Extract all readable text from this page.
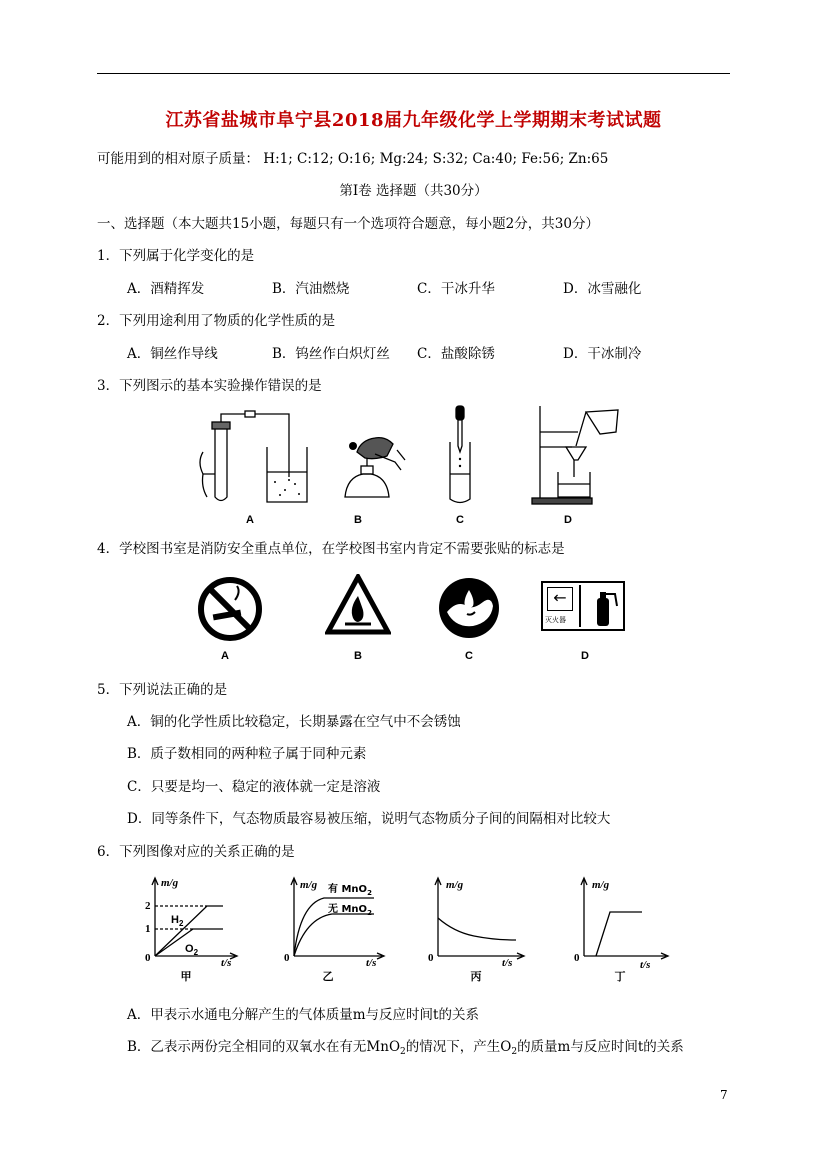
江苏省盐城市阜宁县2018届九年级化学上学期期末考试试题
可能用到的相对原子质量： H:1; C:12; O:16; Mg:24; S:32; Ca:40; Fe:56; Zn:65
第Ⅰ卷 选择题（共30分）
一、选择题（本大题共15小题，每题只有一个选项符合题意，每小题2分，共30分）
1．下列属于化学变化的是
A．酒精挥发	B．汽油燃烧	C．干冰升华	D．冰雪融化
2．下列用途利用了物质的化学性质的是
A．铜丝作导线	B．钨丝作白炽灯丝 C．盐酸除锈	D．干冰制冷
3．下列图示的基本实验操作错误的是
A	B	C	D
4．学校图书室是消防安全重点单位，在学校图书室内肯定不需要张贴的标志是
←
灭火器
A	B	C	D
5．下列说法正确的是
A．铜的化学性质比较稳定，长期暴露在空气中不会锈蚀
B．质子数相同的两种粒子属于同种元素
C．只要是均一、稳定的液体就一定是溶液
D．同等条件下，气态物质最容易被压缩，说明气态物质分子间的间隔相对比较大
6．下列图像对应的关系正确的是
m/g
t/s
2
1
0
$H_2$
$O_2$
m/g
t/s
0
有 MnO$_2$
无 MnO$_2$
m/g
t/s
0
m/g
t/s
0
甲	乙	丙	丁
A．甲表示水通电分解产生的气体质量m与反应时间t的关系
B．乙表示两份完全相同的双氧水在有无MnO$_2$的情况下，产生$O_2$的质量m与反应时间t的关系
7
